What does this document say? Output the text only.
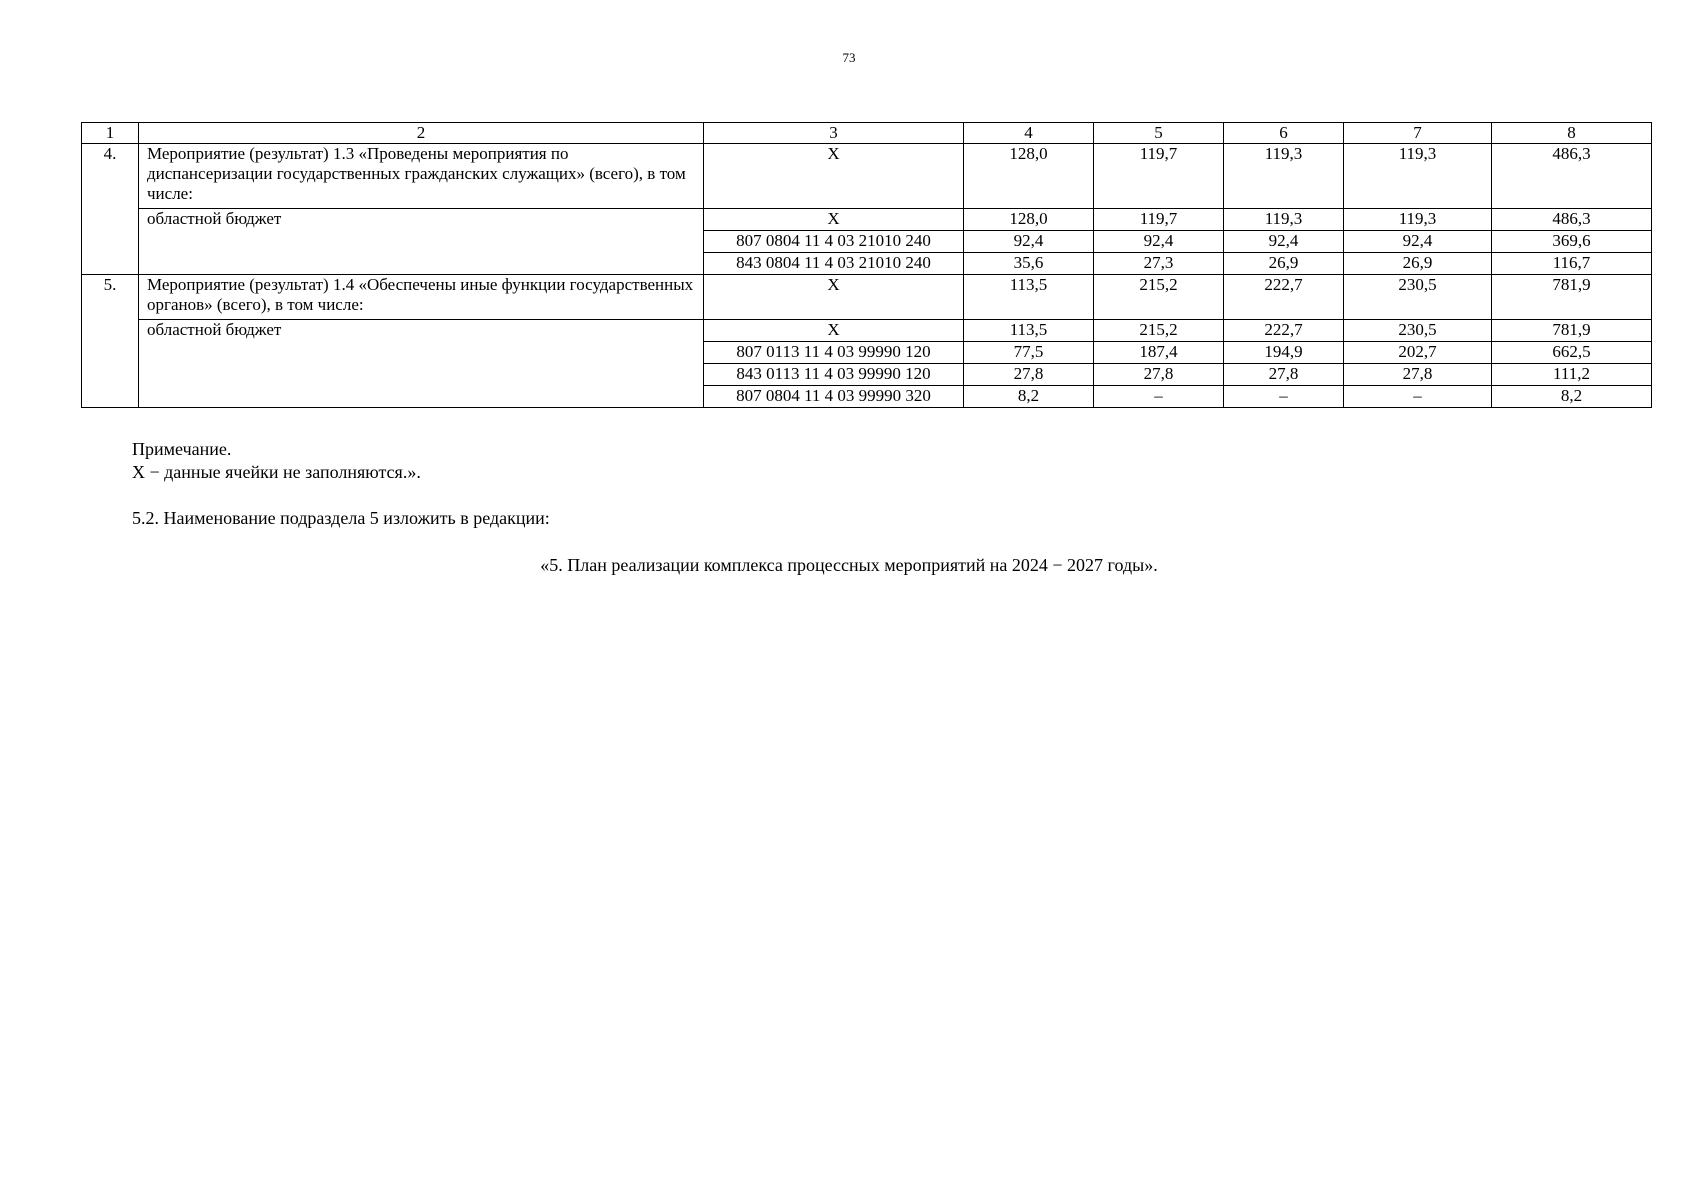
73
1	2	3	4	5	6	7	8
4.	Мероприятие (результат) 1.3 «Проведены мероприятия по диспансеризации государственных гражданских служащих» (всего), в том числе:	X	128,0	119,7	119,3	119,3	486,3
	областной бюджет	X	128,0	119,7	119,3	119,3	486,3
		807 0804 11 4 03 21010 240	92,4	92,4	92,4	92,4	369,6
		843 0804 11 4 03 21010 240	35,6	27,3	26,9	26,9	116,7
5.	Мероприятие (результат) 1.4 «Обеспечены иные функции государственных органов» (всего), в том числе:	X	113,5	215,2	222,7	230,5	781,9
	областной бюджет	X	113,5	215,2	222,7	230,5	781,9
		807 0113 11 4 03 99990 120	77,5	187,4	194,9	202,7	662,5
		843 0113 11 4 03 99990 120	27,8	27,8	27,8	27,8	111,2
		807 0804 11 4 03 99990 320	8,2	–	–	–	8,2

Примечание.

Х − данные ячейки не заполняются.».

5.2. Наименование подраздела 5 изложить в редакции:

«5. План реализации комплекса процессных мероприятий на 2024 − 2027 годы».
